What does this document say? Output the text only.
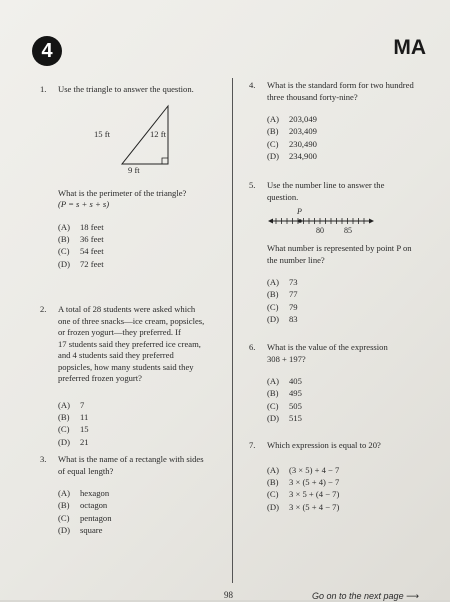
4	MA
1.	Use the triangle to answer the question.
15 ft	12 ft
9 ft
What is the perimeter of the triangle?
(P = s + s + s)
(A)	18 feet
(B)	36 feet
(C)	54 feet
(D)	72 feet
2.	A total of 28 students were asked which
one of three snacks—ice cream, popsicles,
or frozen yogurt—they preferred. If
17 students said they preferred ice cream,
and 4 students said they preferred
popsicles, how many students said they
preferred frozen yogurt?
(A)	7
(B)	11
(C)	15
(D)	21
3.	What is the name of a rectangle with sides
of equal length?
(A)	hexagon
(B)	octagon
(C)	pentagon
(D)	square
4.	What is the standard form for two hundred
three thousand forty-nine?
(A)	203,049
(B)	203,409
(C)	230,490
(D)	234,900
5.	Use the number line to answer the
question.
P
80	85
What number is represented by point P on
the number line?
(A)	73
(B)	77
(C)	79
(D)	83
6.	What is the value of the expression
308 + 197?
(A)	405
(B)	495
(C)	505
(D)	515
7.	Which expression is equal to 20?
(A)	(3 × 5) + 4 − 7
(B)	3 × (5 + 4) − 7
(C)	3 × 5 + (4 − 7)
(D)	3 × (5 + 4 − 7)
98	Go on to the next page ⟶
